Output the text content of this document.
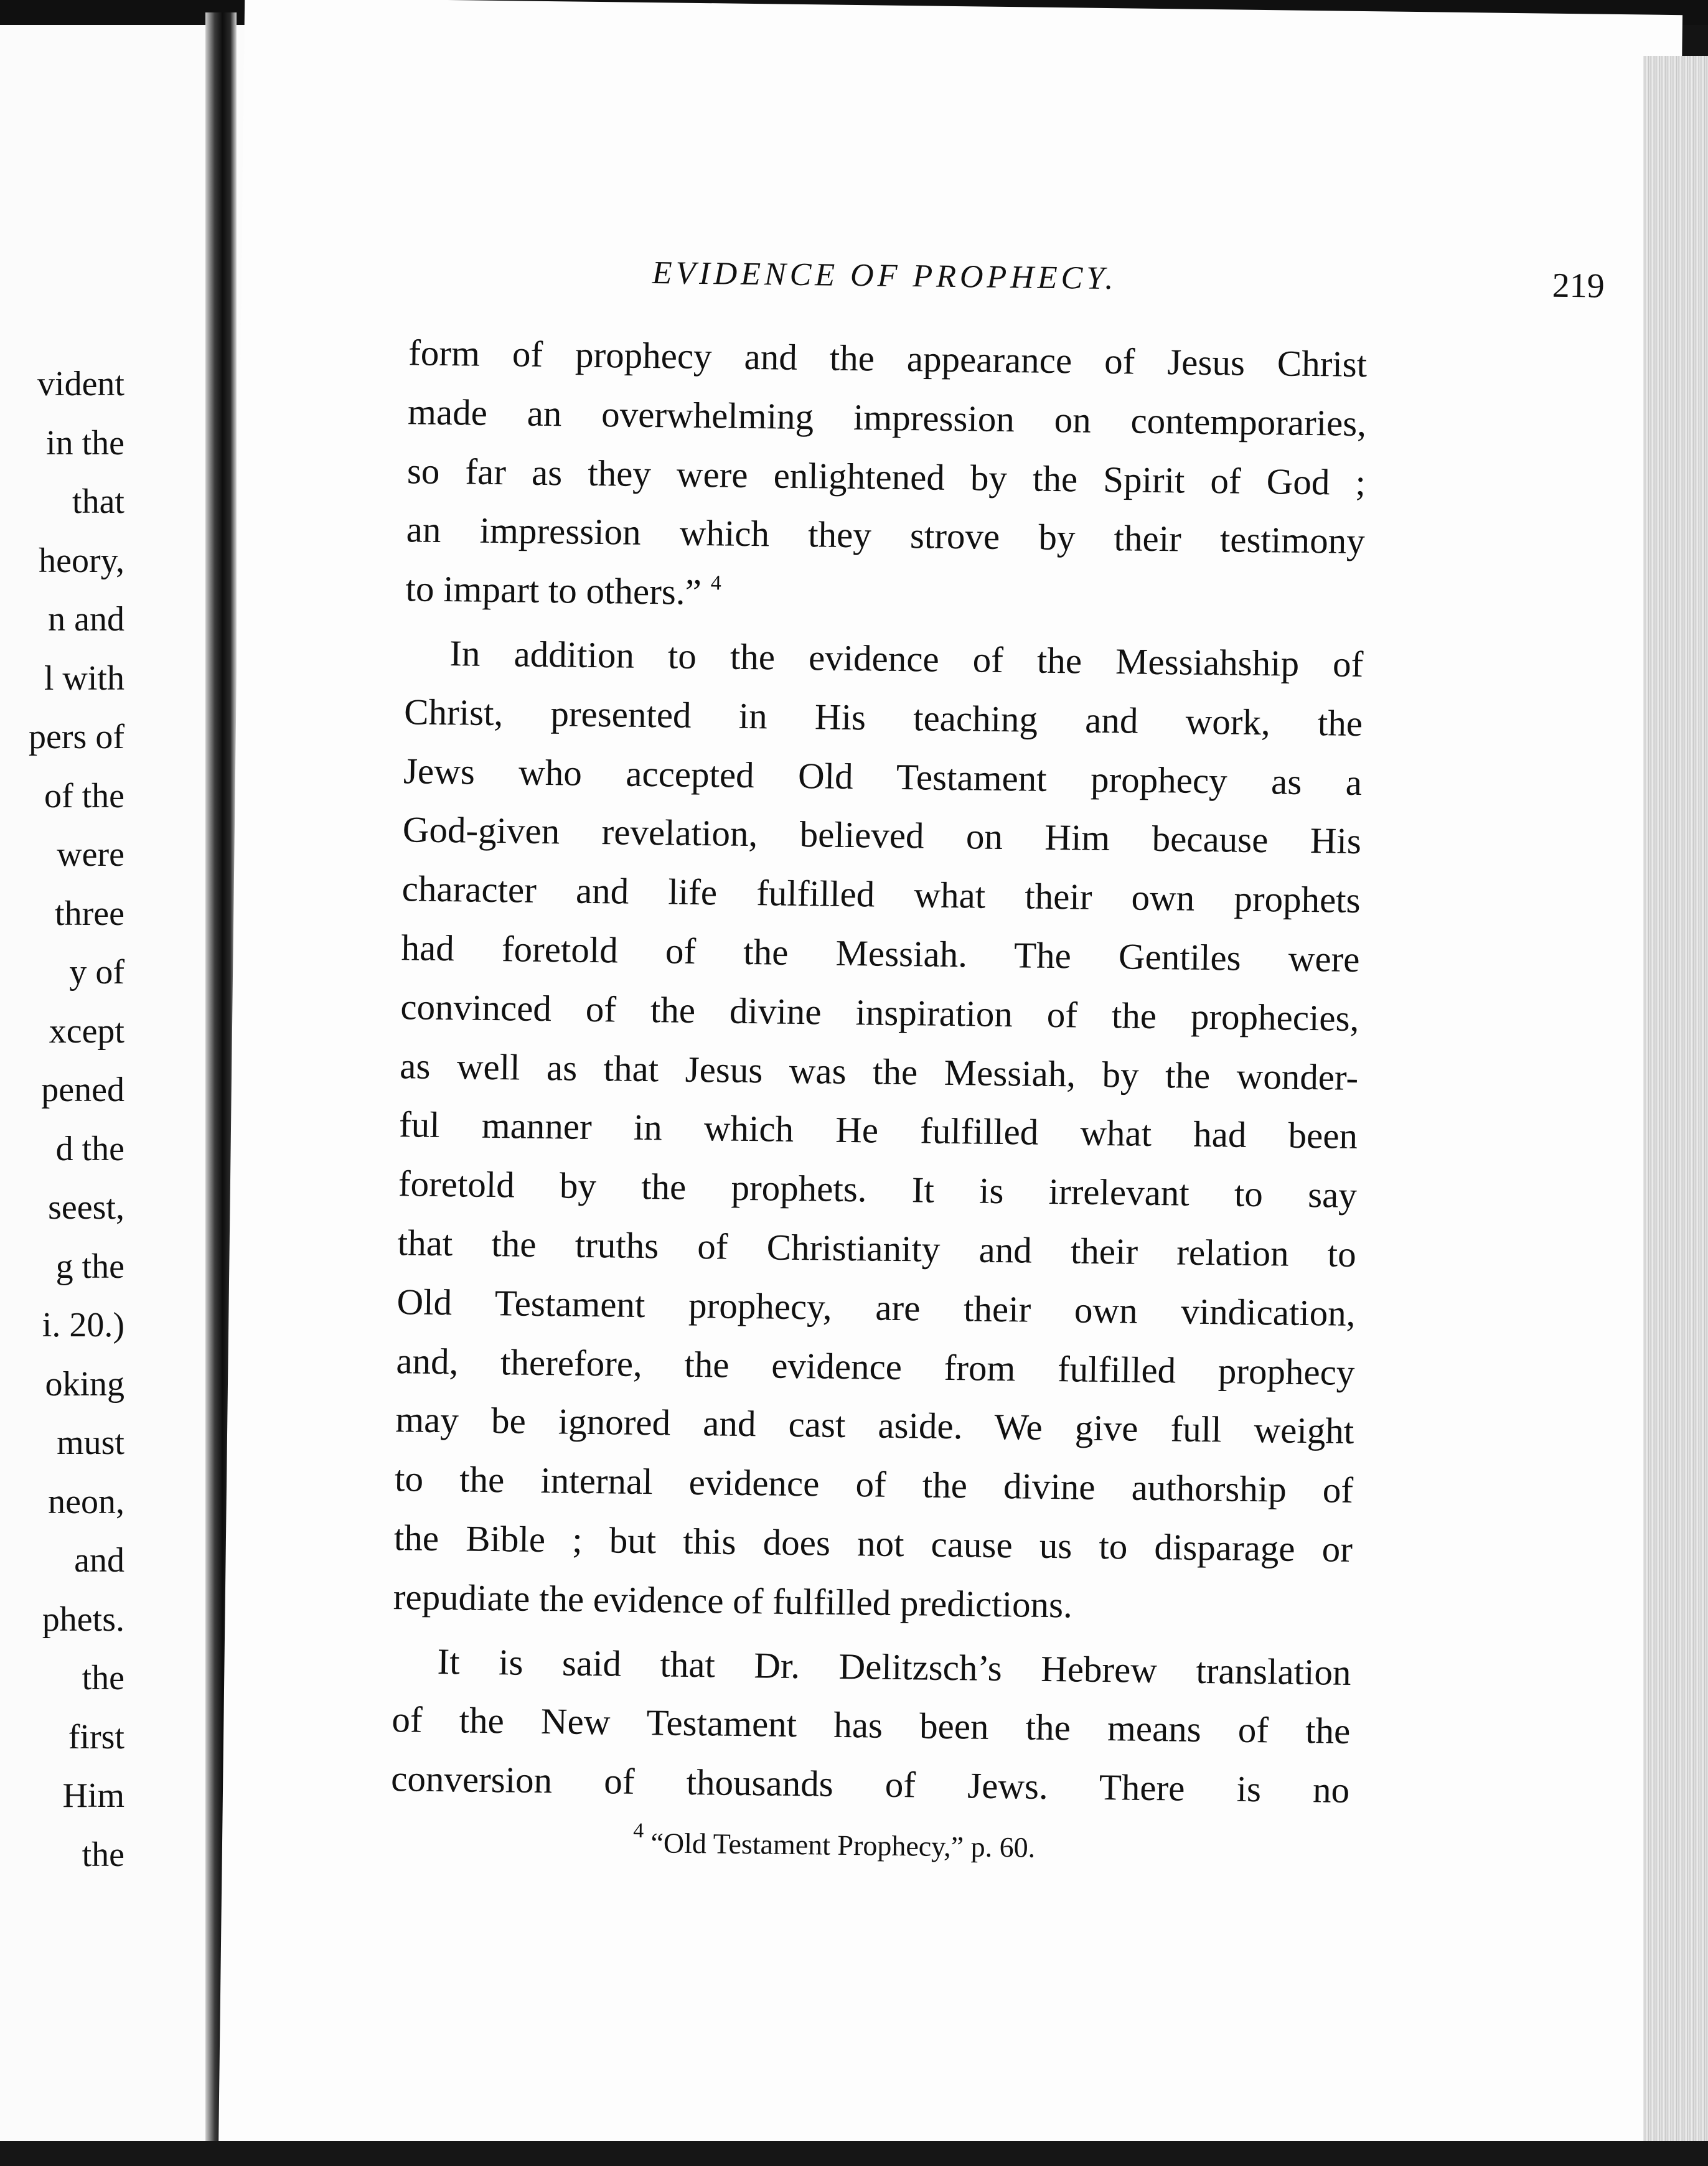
vident
in the
that
heory,
n and
l with
pers of
of the
were
three
y of
xcept
pened
d the
seest,
g the
i. 20.)
oking
must
neon,
and
phets.
the
first
Him
the
EVIDENCE OF PROPHECY.	219
form of prophecy and the appearance of Jesus Christ
made an overwhelming impression on contemporaries,
so far as they were enlightened by the Spirit of God ;
an impression which they strove by their testimony
to impart to others.” $^4$
In addition to the evidence of the Messiahship of
Christ, presented in His teaching and work, the
Jews who accepted Old Testament prophecy as a
God-given revelation, believed on Him because His
character and life fulfilled what their own prophets
had foretold of the Messiah. The Gentiles were
convinced of the divine inspiration of the prophecies,
as well as that Jesus was the Messiah, by the wonder-
ful manner in which He fulfilled what had been
foretold by the prophets. It is irrelevant to say
that the truths of Christianity and their relation to
Old Testament prophecy, are their own vindication,
and, therefore, the evidence from fulfilled prophecy
may be ignored and cast aside. We give full weight
to the internal evidence of the divine authorship of
the Bible ; but this does not cause us to disparage or
repudiate the evidence of fulfilled predictions.
It is said that Dr. Delitzsch’s Hebrew translation
of the New Testament has been the means of the
conversion of thousands of Jews. There is no
$^4$ “Old Testament Prophecy,” p. 60.
